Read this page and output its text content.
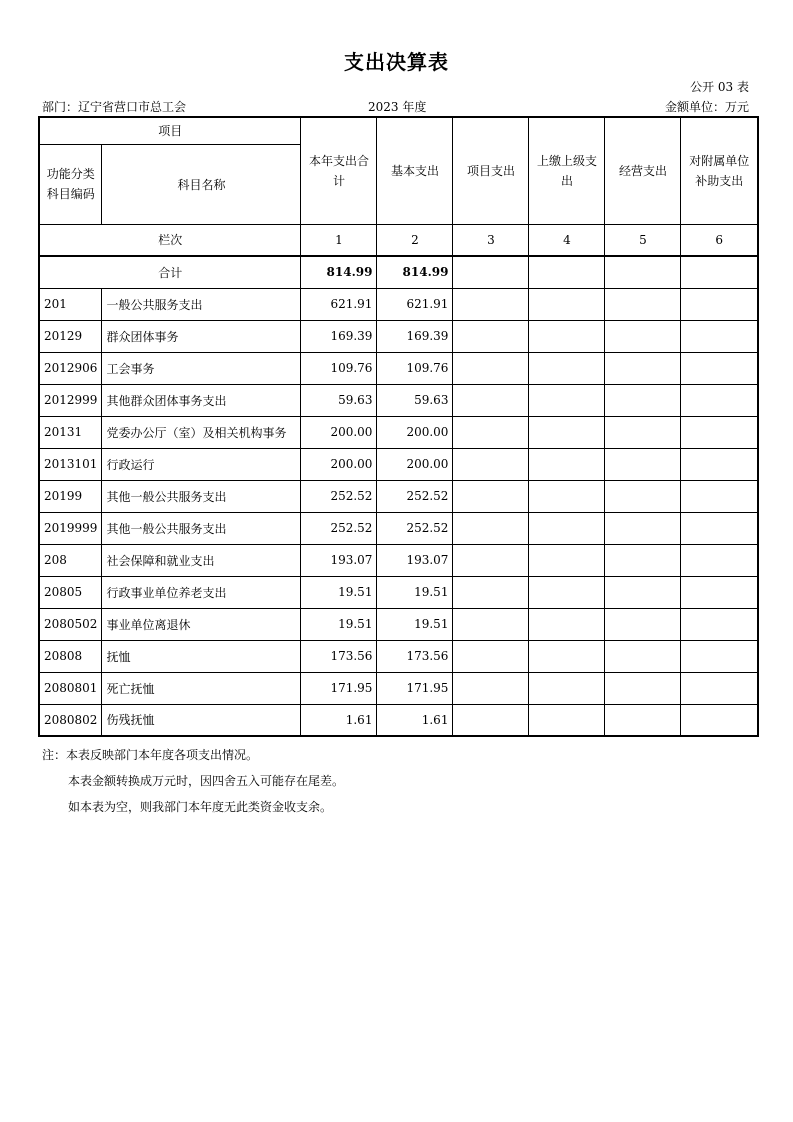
支出决算表
公开 03 表
部门：辽宁省营口市总工会	2023 年度	金额单位：万元
项目		本年支出合计	基本支出	项目支出	上缴上级支出	经营支出	对附属单位补助支出
功能分类科目编码	科目名称						
栏次		1	2	3	4	5	6
合计		814.99	814.99				
201	一般公共服务支出	621.91	621.91				
20129	群众团体事务	169.39	169.39				
2012906	工会事务	109.76	109.76				
2012999	其他群众团体事务支出	59.63	59.63				
20131	党委办公厅（室）及相关机构事务	200.00	200.00				
2013101	行政运行	200.00	200.00				
20199	其他一般公共服务支出	252.52	252.52				
2019999	其他一般公共服务支出	252.52	252.52				
208	社会保障和就业支出	193.07	193.07				
20805	行政事业单位养老支出	19.51	19.51				
2080502	事业单位离退休	19.51	19.51				
20808	抚恤	173.56	173.56				
2080801	死亡抚恤	171.95	171.95				
2080802	伤残抚恤	1.61	1.61				
注：本表反映部门本年度各项支出情况。
本表金额转换成万元时，因四舍五入可能存在尾差。
如本表为空，则我部门本年度无此类资金收支余。
